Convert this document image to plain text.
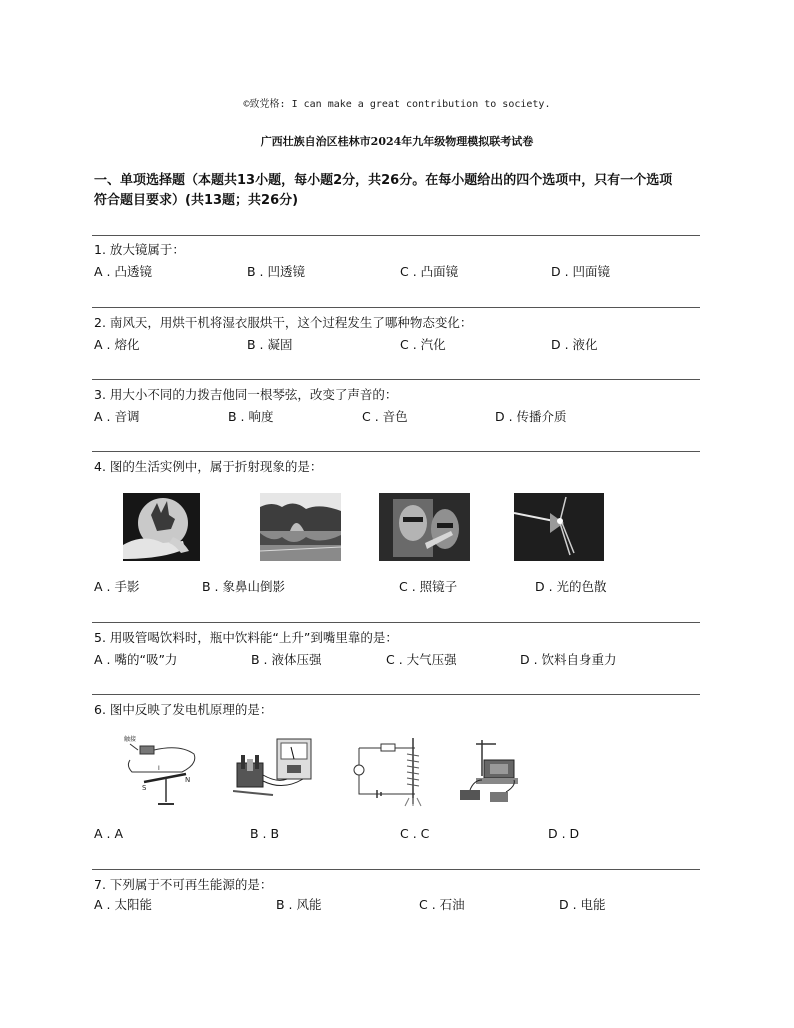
©致党格: I can make a great contribution to society.
广西壮族自治区桂林市2024年九年级物理模拟联考试卷
一、单项选择题（本题共13小题，每小题2分，共26分。在每小题给出的四个选项中，只有一个选项
符合题目要求）(共13题；共26分)
1. 放大镜属于：
A . 凸透镜	B . 凹透镜	C . 凸面镜	D . 凹面镜
2. 南风天，用烘干机将湿衣服烘干，这个过程发生了哪种物态变化：
A . 熔化	B . 凝固	C . 汽化	D . 液化
3. 用大小不同的力拨吉他同一根琴弦，改变了声音的：
A . 音调	B . 响度	C . 音色	D . 传播介质
4. 图的生活实例中，属于折射现象的是：
A . 手影	B . 象鼻山倒影	C . 照镜子	D . 光的色散
5. 用吸管喝饮料时，瓶中饮料能“上升”到嘴里靠的是：
A . 嘴的“吸”力	B . 液体压强	C . 大气压强	D . 饮料自身重力
6. 图中反映了发电机原理的是：
触接
I
S
N
A . A	B . B	C . C	D . D
7. 下列属于不可再生能源的是：
A . 太阳能	B . 风能	C . 石油	D . 电能
